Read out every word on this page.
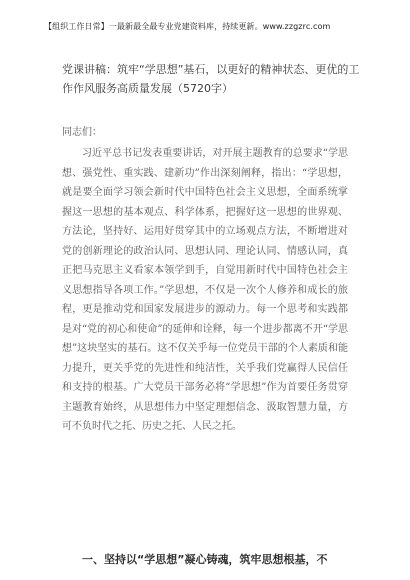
【组织工作日常】一最新最全最专业党建资料库，持续更新。www.zzgzrc.com
党课讲稿：筑牢“学思想”基石，以更好的精神状态、更优的工作作风服务高质量发展（5720字）
同志们：

习近平总书记发表重要讲话，对开展主题教育的总要求“学思想、强党性、重实践、建新功”作出深刻阐释，指出：“学思想，就是要全面学习领会新时代中国特色社会主义思想，全面系统掌握这一思想的基本观点、科学体系，把握好这一思想的世界观、方法论，坚持好、运用好贯穿其中的立场观点方法，不断增进对党的创新理论的政治认同、思想认同、理论认同、情感认同，真正把马克思主义看家本领学到手，自觉用新时代中国特色社会主义思想指导各项工作。”学思想，不仅是一次个人修养和成长的旅程，更是推动党和国家发展进步的源动力。每一个思考和实践都是对“党的初心和使命”的延伸和诠释，每一个进步都离不开“学思想”这块坚实的基石。这不仅关乎每一位党员干部的个人素质和能力提升，更关乎党的先进性和纯洁性，关乎我们党赢得人民信任和支持的根基。广大党员干部务必将“学思想”作为首要任务贯穿主题教育始终，从思想伟力中坚定理想信念、汲取智慧力量，方可不负时代之托、历史之托、人民之托。

一、坚持以“学思想”凝心铸魂，筑牢思想根基，不
